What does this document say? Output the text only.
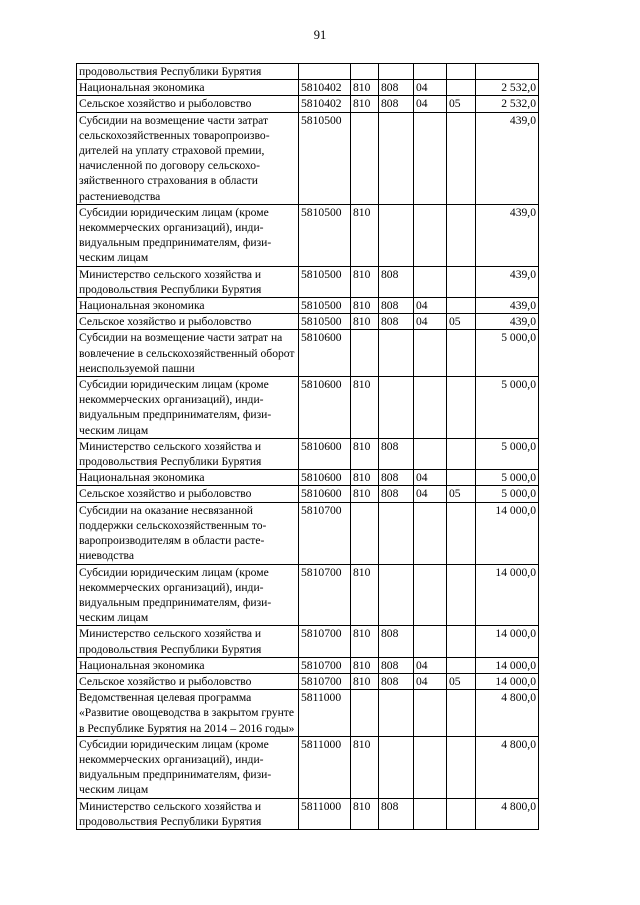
91
продовольствия Республики Бурятия						
Национальная экономика	5810402	810	808	04		2 532,0
Сельское хозяйство и рыболовство	5810402	810	808	04	05	2 532,0
Субсидии на возмещение части затрат сельскохозяйственных товаропроизводителей на уплату страховой премии, начисленной по договору сельскохозяйственного страхования в области растениеводства	5810500					439,0
Субсидии юридическим лицам (кроме некоммерческих организаций), индивидуальным предпринимателям, физическим лицам	5810500	810				439,0
Министерство сельского хозяйства и продовольствия Республики Бурятия	5810500	810	808			439,0
Национальная экономика	5810500	810	808	04		439,0
Сельское хозяйство и рыболовство	5810500	810	808	04	05	439,0
Субсидии на возмещение части затрат на вовлечение в сельскохозяйственный оборот неиспользуемой пашни	5810600					5 000,0
Субсидии юридическим лицам (кроме некоммерческих организаций), индивидуальным предпринимателям, физическим лицам	5810600	810				5 000,0
Министерство сельского хозяйства и продовольствия Республики Бурятия	5810600	810	808			5 000,0
Национальная экономика	5810600	810	808	04		5 000,0
Сельское хозяйство и рыболовство	5810600	810	808	04	05	5 000,0
Субсидии на оказание несвязанной поддержки сельскохозяйственным товаропроизводителям в области растениеводства	5810700					14 000,0
Субсидии юридическим лицам (кроме некоммерческих организаций), индивидуальным предпринимателям, физическим лицам	5810700	810				14 000,0
Министерство сельского хозяйства и продовольствия Республики Бурятия	5810700	810	808			14 000,0
Национальная экономика	5810700	810	808	04		14 000,0
Сельское хозяйство и рыболовство	5810700	810	808	04	05	14 000,0
Ведомственная целевая программа «Развитие овощеводства в закрытом грунте в Республике Бурятия на 2014 – 2016 годы»	5811000					4 800,0
Субсидии юридическим лицам (кроме некоммерческих организаций), индивидуальным предпринимателям, физическим лицам	5811000	810				4 800,0
Министерство сельского хозяйства и продовольствия Республики Бурятия	5811000	810	808			4 800,0
